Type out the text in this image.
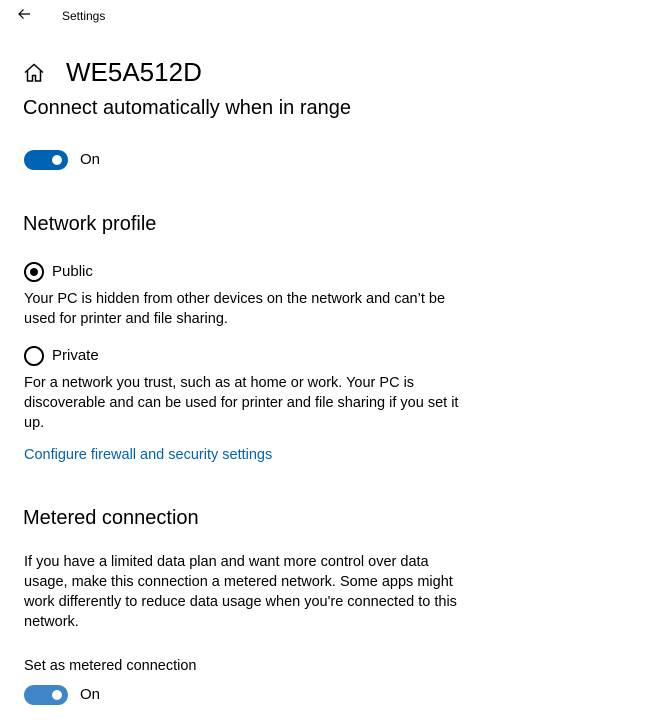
Settings
WE5A512D
Connect automatically when in range
On
Network profile
Public
Your PC is hidden from other devices on the network and can’t be used for printer and file sharing.
Private
For a network you trust, such as at home or work. Your PC is discoverable and can be used for printer and file sharing if you set it up.
Configure firewall and security settings
Metered connection
If you have a limited data plan and want more control over data usage, make this connection a metered network. Some apps might work differently to reduce data usage when you're connected to this network.
Set as metered connection
On
